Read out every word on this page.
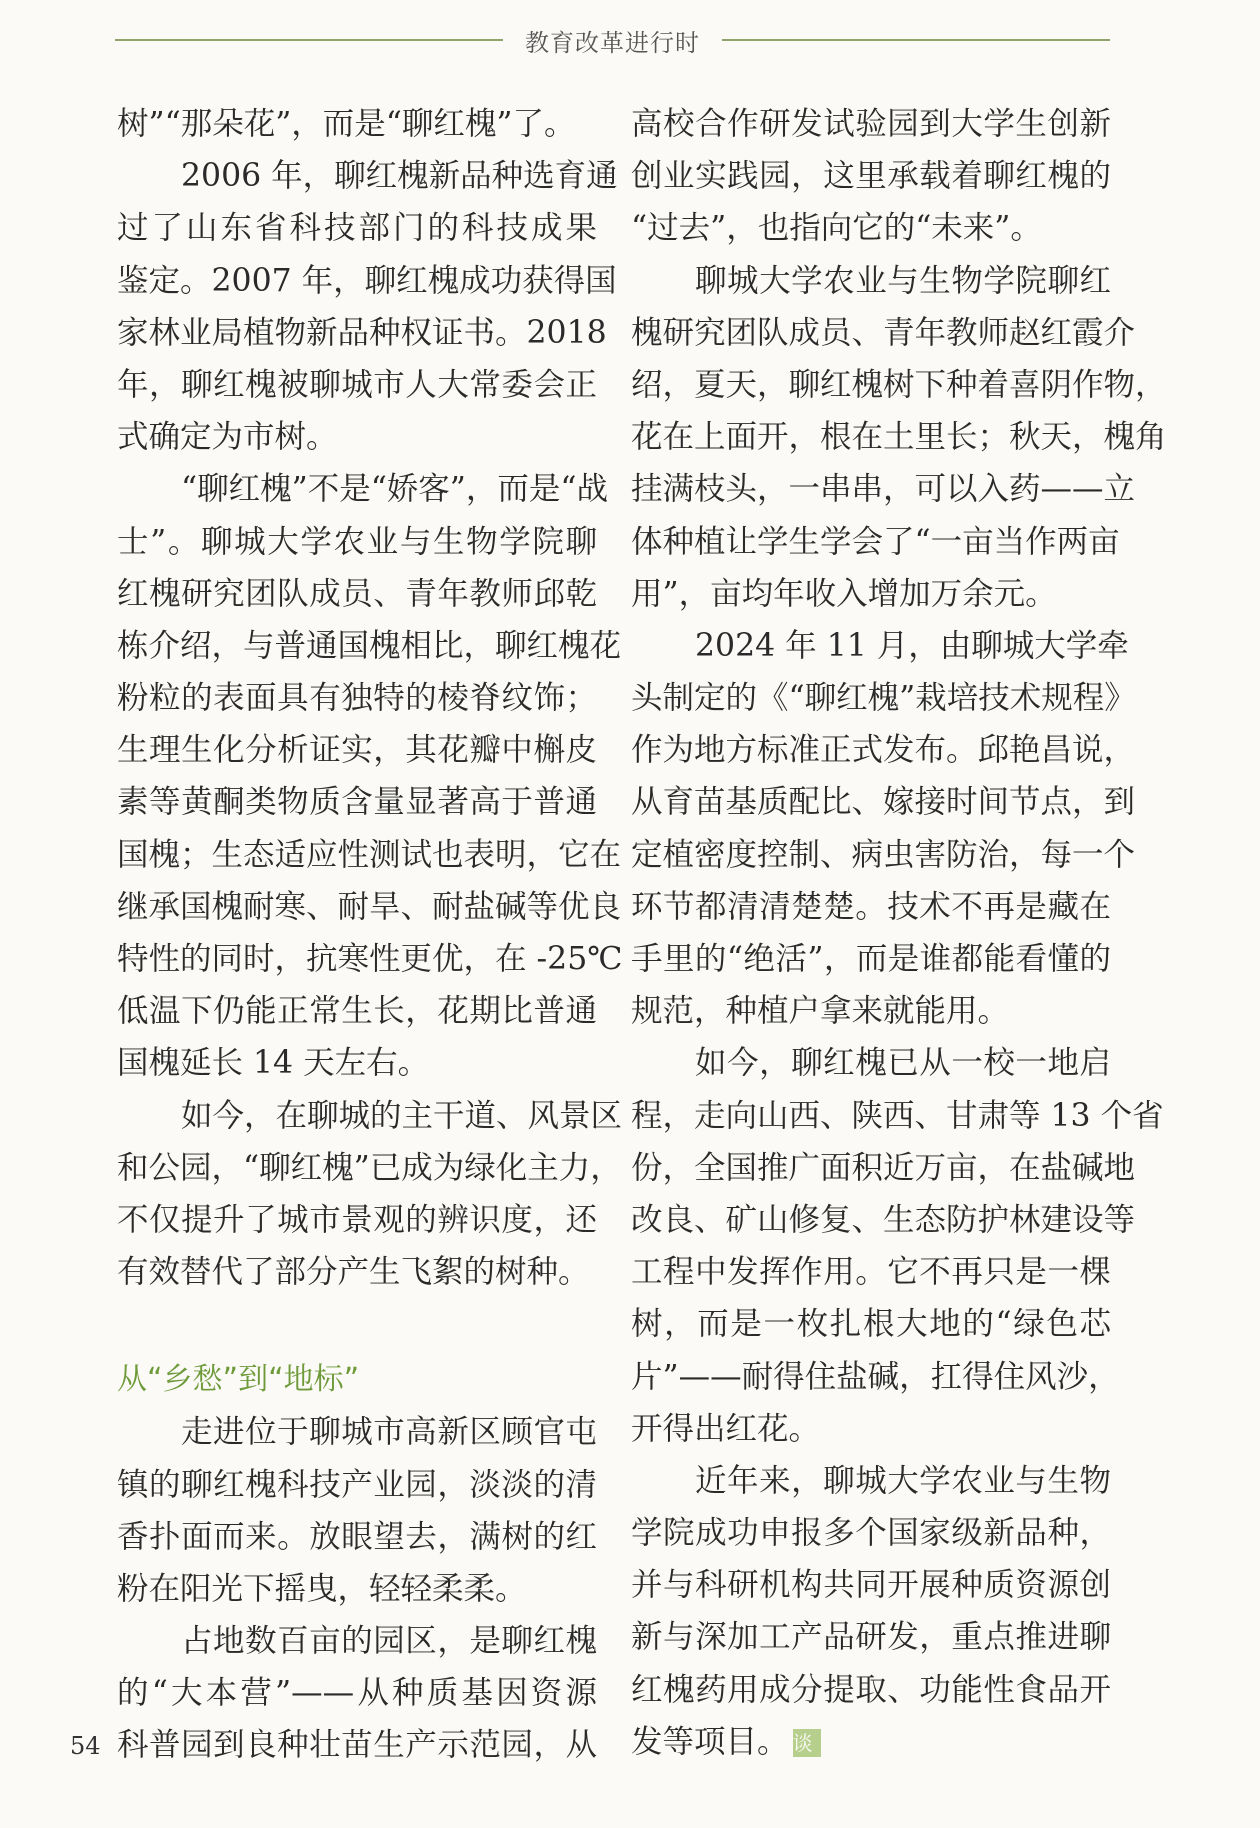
教育改革进行时
树”“那朵花”，而是“聊红槐”了。
2006 年，聊红槐新品种选育通
过了山东省科技部门的科技成果
鉴定。2007 年，聊红槐成功获得国
家林业局植物新品种权证书。2018
年，聊红槐被聊城市人大常委会正
式确定为市树。
“聊红槐”不是“娇客”，而是“战
士”。聊城大学农业与生物学院聊
红槐研究团队成员、青年教师邱乾
栋介绍，与普通国槐相比，聊红槐花
粉粒的表面具有独特的棱脊纹饰；
生理生化分析证实，其花瓣中槲皮
素等黄酮类物质含量显著高于普通
国槐；生态适应性测试也表明，它在
继承国槐耐寒、耐旱、耐盐碱等优良
特性的同时，抗寒性更优，在 -25℃
低温下仍能正常生长，花期比普通
国槐延长 14 天左右。
如今，在聊城的主干道、风景区
和公园，“聊红槐”已成为绿化主力，
不仅提升了城市景观的辨识度，还
有效替代了部分产生飞絮的树种。
从“乡愁”到“地标”
走进位于聊城市高新区顾官屯
镇的聊红槐科技产业园，淡淡的清
香扑面而来。放眼望去，满树的红
粉在阳光下摇曳，轻轻柔柔。
占地数百亩的园区，是聊红槐
的“大本营”——从种质基因资源
科普园到良种壮苗生产示范园，从
高校合作研发试验园到大学生创新
创业实践园，这里承载着聊红槐的
“过去”，也指向它的“未来”。
聊城大学农业与生物学院聊红
槐研究团队成员、青年教师赵红霞介
绍，夏天，聊红槐树下种着喜阴作物，
花在上面开，根在土里长；秋天，槐角
挂满枝头，一串串，可以入药——立
体种植让学生学会了“一亩当作两亩
用”，亩均年收入增加万余元。
2024 年 11 月，由聊城大学牵
头制定的《“聊红槐”栽培技术规程》
作为地方标准正式发布。邱艳昌说，
从育苗基质配比、嫁接时间节点，到
定植密度控制、病虫害防治，每一个
环节都清清楚楚。技术不再是藏在
手里的“绝活”，而是谁都能看懂的
规范，种植户拿来就能用。
如今，聊红槐已从一校一地启
程，走向山西、陕西、甘肃等 13 个省
份，全国推广面积近万亩，在盐碱地
改良、矿山修复、生态防护林建设等
工程中发挥作用。它不再只是一棵
树，而是一枚扎根大地的“绿色芯
片”——耐得住盐碱，扛得住风沙，
开得出红花。
近年来，聊城大学农业与生物
学院成功申报多个国家级新品种，
并与科研机构共同开展种质资源创
新与深加工产品研发，重点推进聊
红槐药用成分提取、功能性食品开
发等项目。 谈
54
